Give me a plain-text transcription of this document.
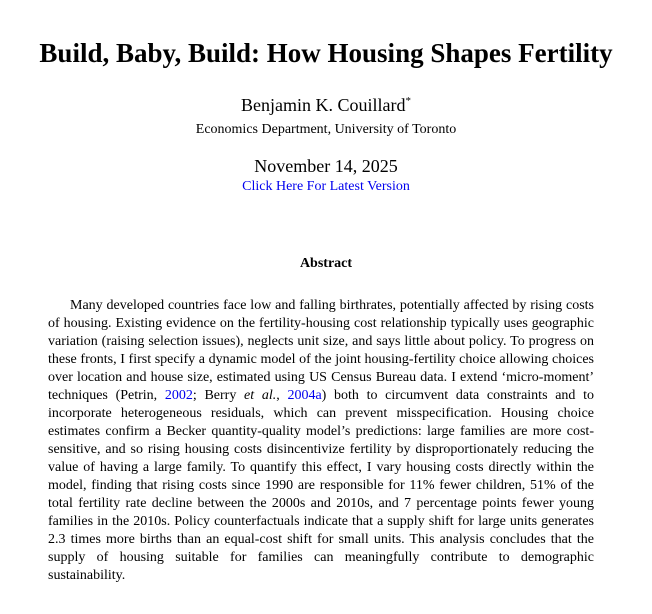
Build, Baby, Build: How Housing Shapes Fertility
Benjamin K. Couillard*
Economics Department, University of Toronto
November 14, 2025
Click Here For Latest Version
Abstract

Many developed countries face low and falling birthrates, potentially affected by rising costs of housing. Existing evidence on the fertility-housing cost relationship typically uses geographic variation (raising selection issues), neglects unit size, and says little about policy. To progress on these fronts, I first specify a dynamic model of the joint housing-fertility choice allowing choices over location and house size, estimated using US Census Bureau data. I extend ‘micro-moment’ techniques (Petrin, 2002; Berry et al., 2004a) both to circumvent data constraints and to incorporate heterogeneous residuals, which can prevent misspecification. Housing choice estimates confirm a Becker quantity-quality model’s predictions: large families are more cost-sensitive, and so rising housing costs disincentivize fertility by disproportionately reducing the value of having a large family. To quantify this effect, I vary housing costs directly within the model, finding that rising costs since 1990 are responsible for 11% fewer children, 51% of the total fertility rate decline between the 2000s and 2010s, and 7 percentage points fewer young families in the 2010s. Policy counterfactuals indicate that a supply shift for large units generates 2.3 times more births than an equal-cost shift for small units. This analysis concludes that the supply of housing suitable for families can meaningfully contribute to demographic sustainability.
